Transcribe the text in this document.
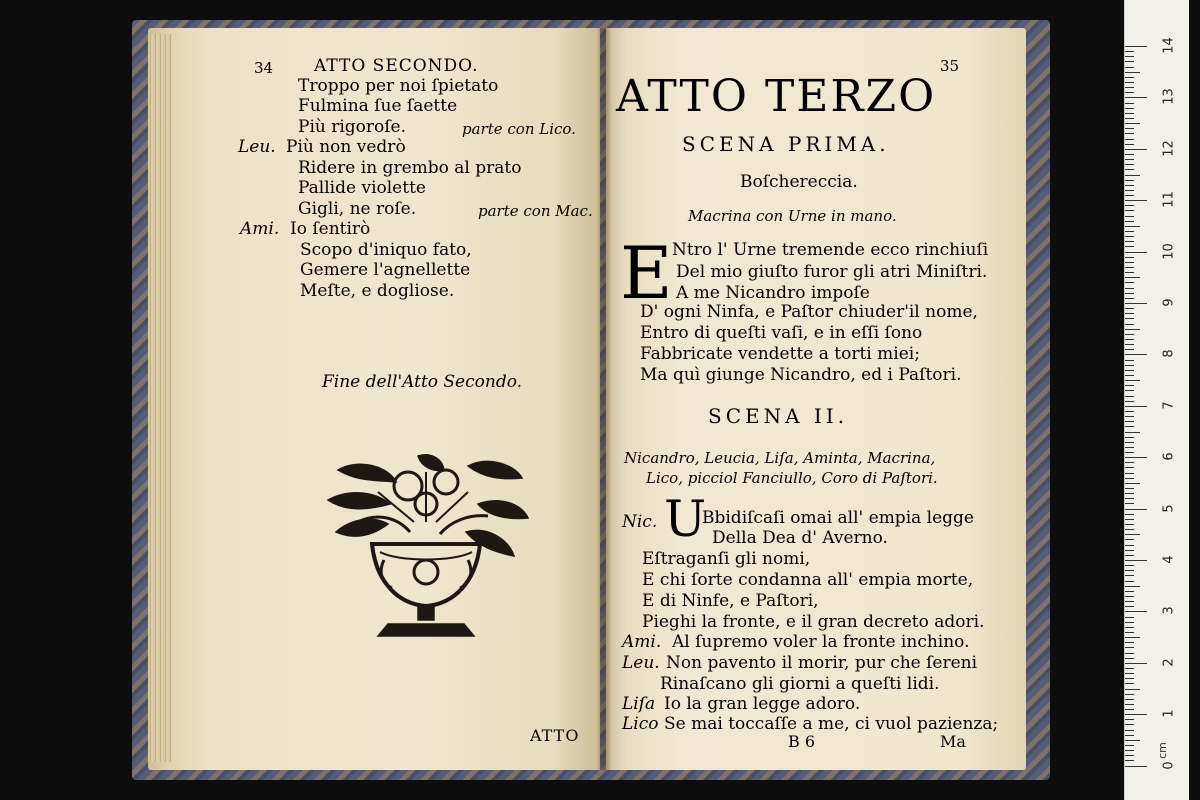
34 ATTO SECONDO.
Troppo per noi ſpietato
Fulmina ſue ſaette
Più rigoroſe.	parte con Lico.
Leu. Più non vedrò
Ridere in grembo al prato
Pallide violette
Gigli, ne roſe.	parte con Mac.
Ami. Io ſentirò
Scopo d'iniquo fato,
Gemere l'agnellette
Meſte, e dogliose.
Fine dell'Atto Secondo.
ATTO
35
ATTO TERZO
SCENA PRIMA.
Boſchereccia.
Macrina con Urne in mano.
E Ntro l' Urne tremende ecco rinchiuſi
Del mio giuſto furor gli atri Miniſtri.
A me Nicandro impoſe
D' ogni Ninfa, e Paſtor chiuder'il nome,
Entro di queſti vaſi, e in eſſi ſono
Fabbricate vendette a torti miei;
Ma quì giunge Nicandro, ed i Paſtori.
SCENA II.
Nicandro, Leucia, Liſa, Aminta, Macrina,
Lico, picciol Fanciullo, Coro di Paſtori.
Nic. U
Bbidiſcaſi omai all' empia legge
Della Dea d' Averno.
Eſtraganſi gli nomi,
E chi ſorte condanna all' empia morte,
E di Ninfe, e Paſtori,
Pieghi la fronte, e il gran decreto adori.
Ami. Al ſupremo voler la fronte inchino.
Leu. Non pavento il morir, pur che ſereni
Rinaſcano gli giorni a queſti lidi.
Liſa Io la gran legge adoro.
Lico Se mai toccaſſe a me, ci vuol pazienza;
B 6	Ma
14
13
12
11
10
9
8
7
6
5
4
3
2
1
0
cm
